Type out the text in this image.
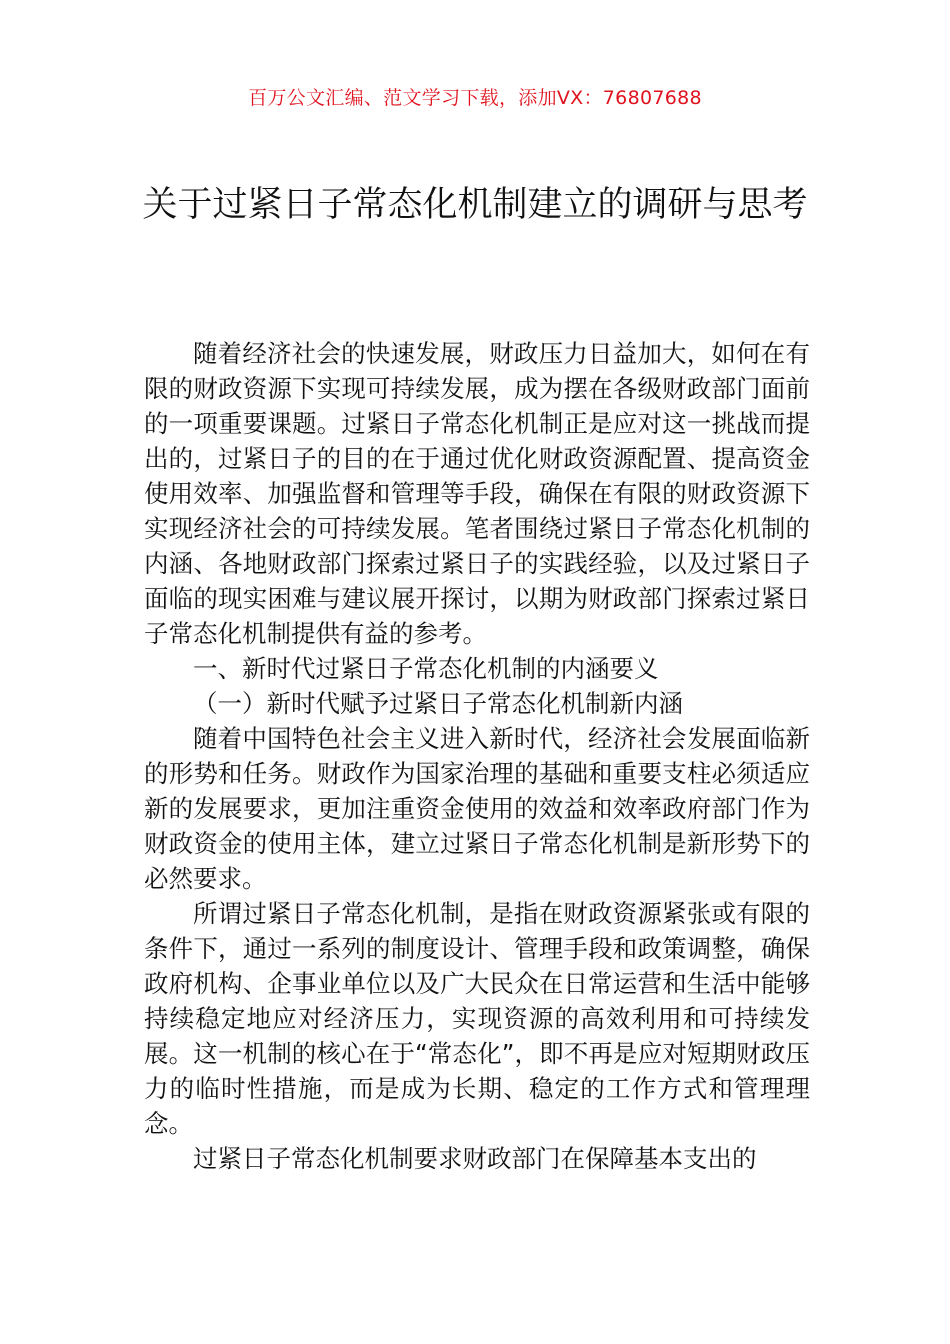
百万公文汇编、范文学习下载，添加VX：76807688
关于过紧日子常态化机制建立的调研与思考

随着经济社会的快速发展，财政压力日益加大，如何在有限的财政资源下实现可持续发展，成为摆在各级财政部门面前的一项重要课题。过紧日子常态化机制正是应对这一挑战而提出的，过紧日子的目的在于通过优化财政资源配置、提高资金使用效率、加强监督和管理等手段，确保在有限的财政资源下实现经济社会的可持续发展。笔者围绕过紧日子常态化机制的内涵、各地财政部门探索过紧日子的实践经验，以及过紧日子面临的现实困难与建议展开探讨，以期为财政部门探索过紧日子常态化机制提供有益的参考。

一、新时代过紧日子常态化机制的内涵要义

（一）新时代赋予过紧日子常态化机制新内涵

随着中国特色社会主义进入新时代，经济社会发展面临新的形势和任务。财政作为国家治理的基础和重要支柱必须适应新的发展要求，更加注重资金使用的效益和效率政府部门作为财政资金的使用主体，建立过紧日子常态化机制是新形势下的必然要求。

所谓过紧日子常态化机制，是指在财政资源紧张或有限的条件下，通过一系列的制度设计、管理手段和政策调整，确保政府机构、企事业单位以及广大民众在日常运营和生活中能够持续稳定地应对经济压力，实现资源的高效利用和可持续发展。这一机制的核心在于“常态化”，即不再是应对短期财政压力的临时性措施，而是成为长期、稳定的工作方式和管理理念。

过紧日子常态化机制要求财政部门在保障基本支出的
